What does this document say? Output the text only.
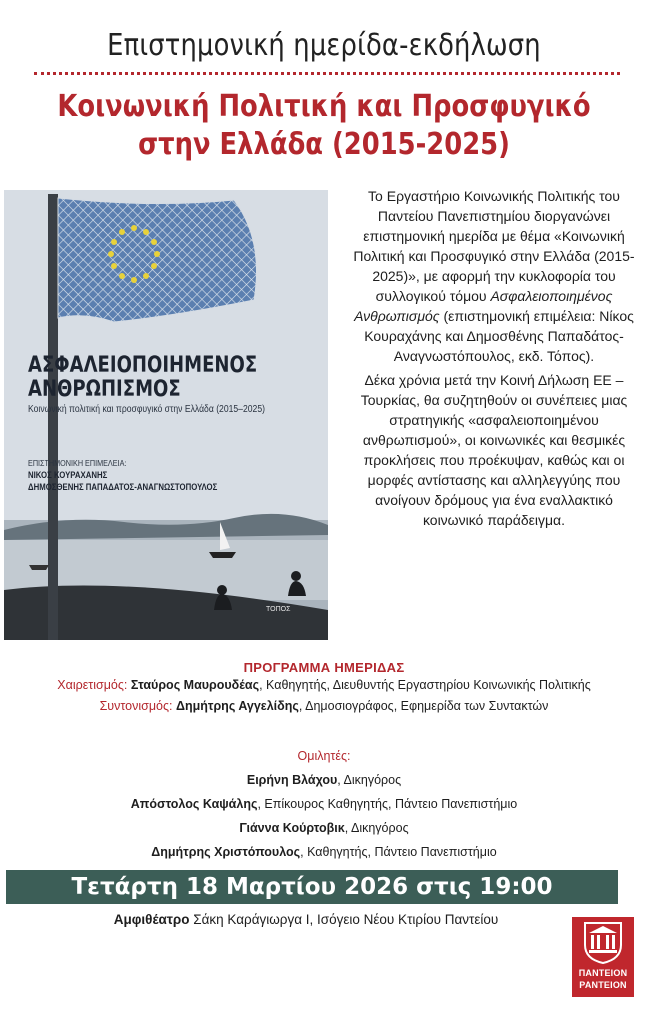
Επιστημονική ημερίδα-εκδήλωση
Κοινωνική Πολιτική και Προσφυγικό
στην Ελλάδα (2015-2025)
ΑΣΦΑΛΕΙΟΠΟΙΗΜΕΝΟΣ
ΑΝΘΡΩΠΙΣΜΟΣ
Κοινωνική πολιτική και προσφυγικό στην Ελλάδα (2015–2025)
ΕΠΙΣΤΗΜΟΝΙΚΗ ΕΠΙΜΕΛΕΙΑ:
ΝΙΚΟΣ ΚΟΥΡΑΧΑΝΗΣ
ΔΗΜΟΣΘΕΝΗΣ ΠΑΠΑΔΑΤΟΣ-ΑΝΑΓΝΩΣΤΟΠΟΥΛΟΣ
ΤΟΠΟΣ

Το Εργαστήριο Κοινωνικής Πολιτικής του Παντείου Πανεπιστημίου διοργανώνει επιστημονική ημερίδα με θέμα «Κοινωνική Πολιτική και Προσφυγικό στην Ελλάδα (2015-2025)», με αφορμή την κυκλοφορία του συλλογικού τόμου Ασφαλειοποιημένος Ανθρωπισμός (επιστημονική επιμέλεια: Νίκος Κουραχάνης και Δημοσθένης Παπαδάτος-Αναγνωστόπουλος, εκδ. Τόπος).

Δέκα χρόνια μετά την Κοινή Δήλωση ΕΕ – Τουρκίας, θα συζητηθούν οι συνέπειες μιας στρατηγικής «ασφαλειοποιημένου ανθρωπισμού», οι κοινωνικές και θεσμικές προκλήσεις που προέκυψαν, καθώς και οι μορφές αντίστασης και αλληλεγγύης που ανοίγουν δρόμους για ένα εναλλακτικό κοινωνικό παράδειγμα.

ΠΡΟΓΡΑΜΜΑ ΗΜΕΡΙΔΑΣ
Χαιρετισμός: Σταύρος Μαυρουδέας, Καθηγητής, Διευθυντής Εργαστηρίου Κοινωνικής Πολιτικής
Συντονισμός: Δημήτρης Αγγελίδης, Δημοσιογράφος, Εφημερίδα των Συντακτών
Ομιλητές:
Ειρήνη Βλάχου, Δικηγόρος
Απόστολος Καψάλης, Επίκουρος Καθηγητής, Πάντειο Πανεπιστήμιο
Γιάννα Κούρτοβικ, Δικηγόρος
Δημήτρης Χριστόπουλος, Καθηγητής, Πάντειο Πανεπιστήμιο
Τετάρτη 18 Μαρτίου 2026 στις 19:00
Αμφιθέατρο Σάκη Καράγιωργα Ι, Ισόγειο Νέου Κτιρίου Παντείου
ΠΑΝΤΕΙΟΝ
PANTEION
